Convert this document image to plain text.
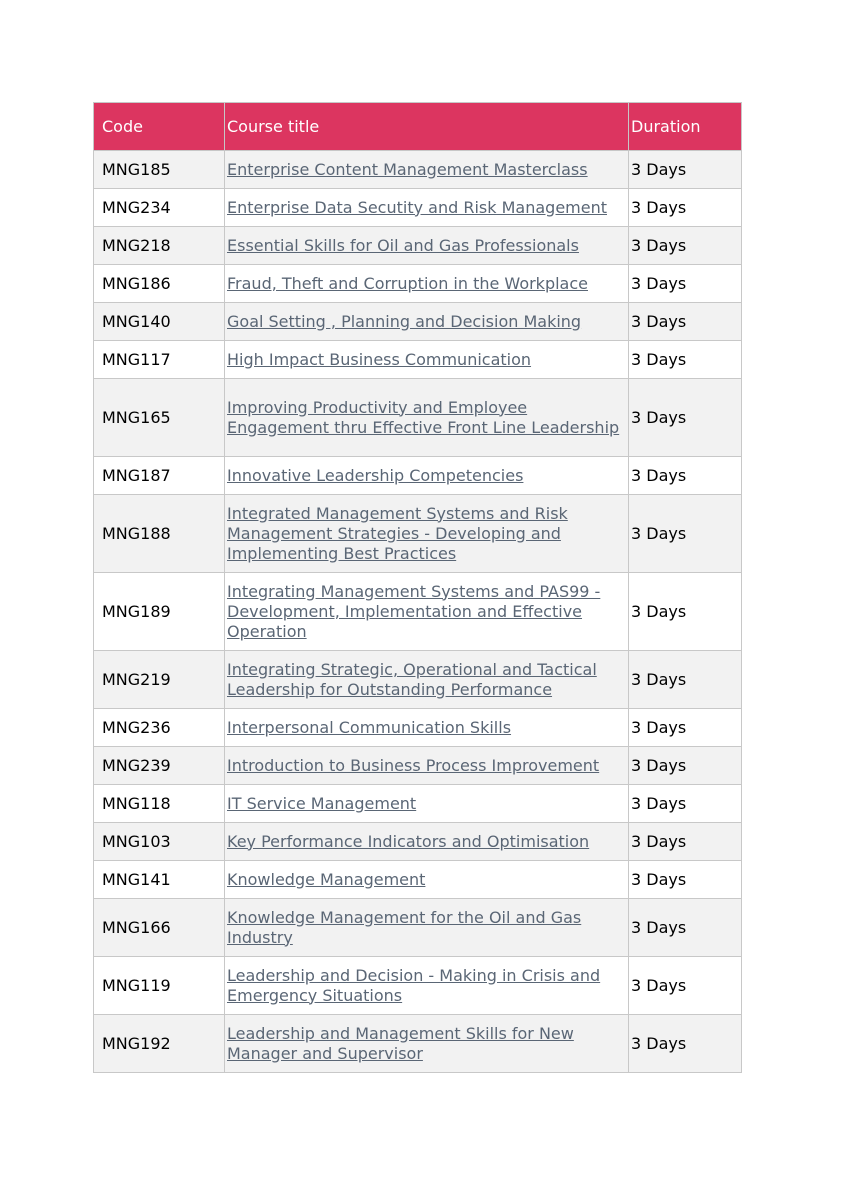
Code	Course title	Duration
MNG185	Enterprise Content Management Masterclass	3 Days
MNG234	Enterprise Data Secutity and Risk Management	3 Days
MNG218	Essential Skills for Oil and Gas Professionals	3 Days
MNG186	Fraud, Theft and Corruption in the Workplace	3 Days
MNG140	Goal Setting , Planning and Decision Making	3 Days
MNG117	High Impact Business Communication	3 Days
MNG165	Improving Productivity and Employee Engagement thru Effective Front Line Leadership	3 Days
MNG187	Innovative Leadership Competencies	3 Days
MNG188	Integrated Management Systems and Risk Management Strategies - Developing and Implementing Best Practices	3 Days
MNG189	Integrating Management Systems and PAS99 - Development, Implementation and Effective Operation	3 Days
MNG219	Integrating Strategic, Operational and Tactical Leadership for Outstanding Performance	3 Days
MNG236	Interpersonal Communication Skills	3 Days
MNG239	Introduction to Business Process Improvement	3 Days
MNG118	IT Service Management	3 Days
MNG103	Key Performance Indicators and Optimisation	3 Days
MNG141	Knowledge Management	3 Days
MNG166	Knowledge Management for the Oil and Gas Industry	3 Days
MNG119	Leadership and Decision - Making in Crisis and Emergency Situations	3 Days
MNG192	Leadership and Management Skills for New Manager and Supervisor	3 Days
